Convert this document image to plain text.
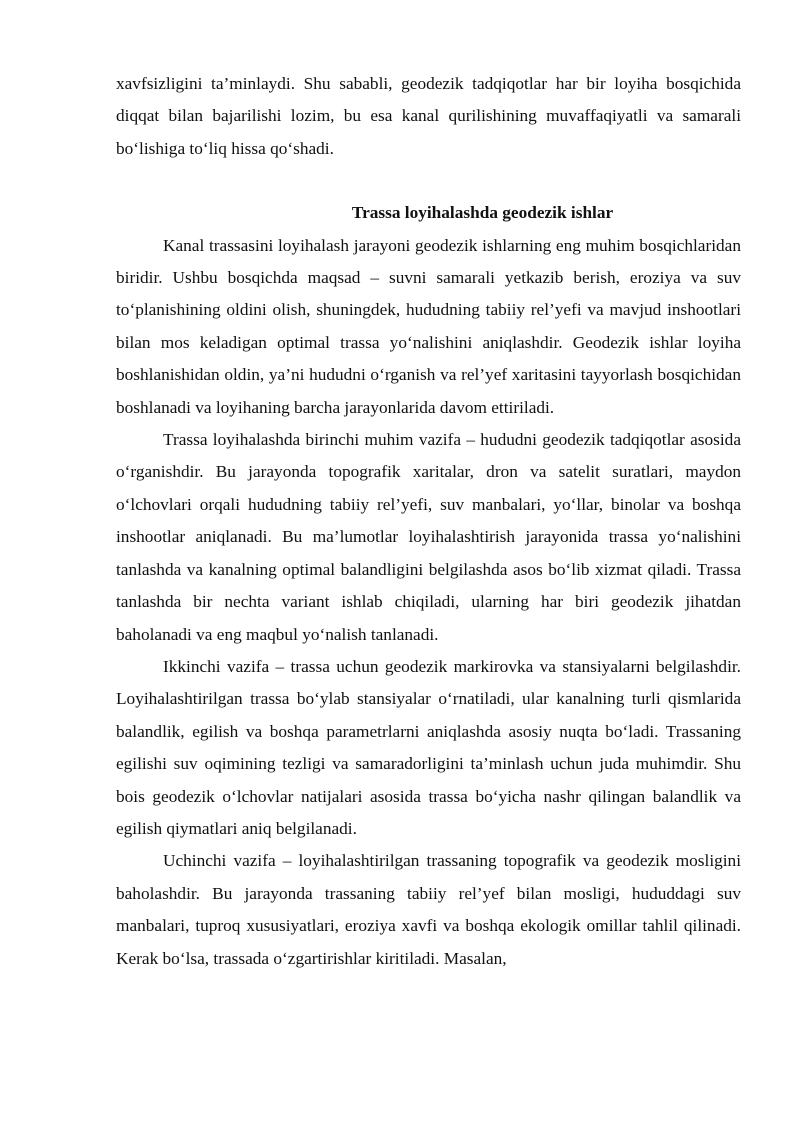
xavfsizligini ta’minlaydi. Shu sababli, geodezik tadqiqotlar har bir loyiha bosqichida diqqat bilan bajarilishi lozim, bu esa kanal qurilishining muvaffaqiyatli va samarali bo‘lishiga to‘liq hissa qo‘shadi.

Trassa loyihalashda geodezik ishlar

Kanal trassasini loyihalash jarayoni geodezik ishlarning eng muhim bosqichlaridan biridir. Ushbu bosqichda maqsad – suvni samarali yetkazib berish, eroziya va suv to‘planishining oldini olish, shuningdek, hududning tabiiy rel’yefi va mavjud inshootlari bilan mos keladigan optimal trassa yo‘nalishini aniqlashdir. Geodezik ishlar loyiha boshlanishidan oldin, ya’ni hududni o‘rganish va rel’yef xaritasini tayyorlash bosqichidan boshlanadi va loyihaning barcha jarayonlarida davom ettiriladi.

Trassa loyihalashda birinchi muhim vazifa – hududni geodezik tadqiqotlar asosida o‘rganishdir. Bu jarayonda topografik xaritalar, dron va satelit suratlari, maydon o‘lchovlari orqali hududning tabiiy rel’yefi, suv manbalari, yo‘llar, binolar va boshqa inshootlar aniqlanadi. Bu ma’lumotlar loyihalashtirish jarayonida trassa yo‘nalishini tanlashda va kanalning optimal balandligini belgilashda asos bo‘lib xizmat qiladi. Trassa tanlashda bir nechta variant ishlab chiqiladi, ularning har biri geodezik jihatdan baholanadi va eng maqbul yo‘nalish tanlanadi.

Ikkinchi vazifa – trassa uchun geodezik markirovka va stansiyalarni belgilashdir. Loyihalashtirilgan trassa bo‘ylab stansiyalar o‘rnatiladi, ular kanalning turli qismlarida balandlik, egilish va boshqa parametrlarni aniqlashda asosiy nuqta bo‘ladi. Trassaning egilishi suv oqimining tezligi va samaradorligini ta’minlash uchun juda muhimdir. Shu bois geodezik o‘lchovlar natijalari asosida trassa bo‘yicha nashr qilingan balandlik va egilish qiymatlari aniq belgilanadi.

Uchinchi vazifa – loyihalashtirilgan trassaning topografik va geodezik mosligini baholashdir. Bu jarayonda trassaning tabiiy rel’yef bilan mosligi, hududdagi suv manbalari, tuproq xususiyatlari, eroziya xavfi va boshqa ekologik omillar tahlil qilinadi. Kerak bo‘lsa, trassada o‘zgartirishlar kiritiladi. Masalan,
